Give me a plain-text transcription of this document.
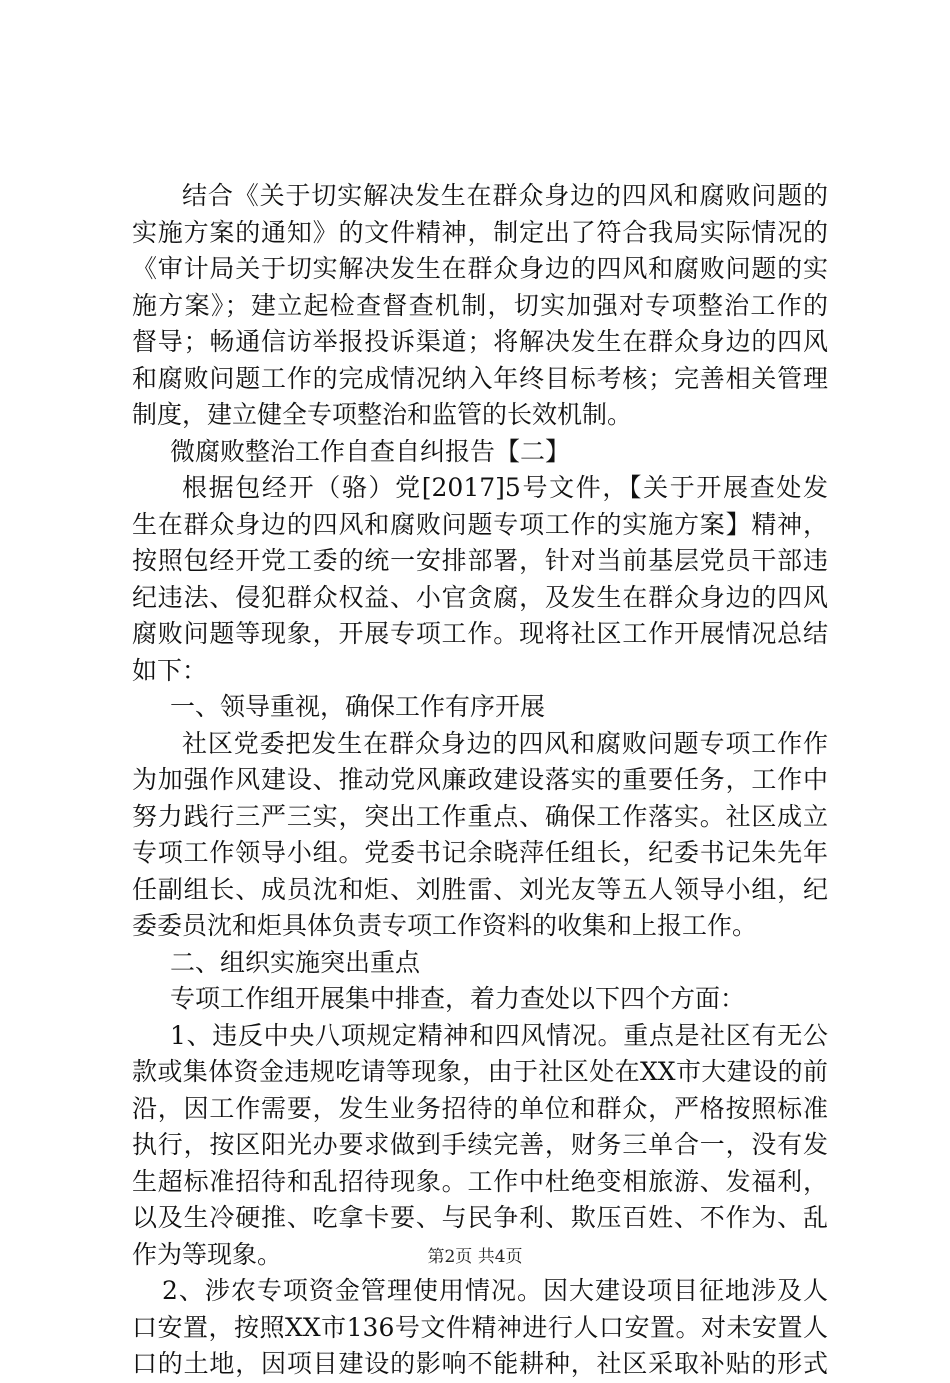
结合《关于切实解决发生在群众身边的四风和腐败问题的
实施方案的通知》的文件精神，制定出了符合我局实际情况的
《审计局关于切实解决发生在群众身边的四风和腐败问题的实
施方案》；建立起检查督查机制，切实加强对专项整治工作的
督导；畅通信访举报投诉渠道；将解决发生在群众身边的四风
和腐败问题工作的完成情况纳入年终目标考核；完善相关管理
制度，建立健全专项整治和监管的长效机制。
微腐败整治工作自查自纠报告【二】
根据包经开（骆）党[2017]5号文件，【关于开展查处发
生在群众身边的四风和腐败问题专项工作的实施方案】精神，
按照包经开党工委的统一安排部署，针对当前基层党员干部违
纪违法、侵犯群众权益、小官贪腐，及发生在群众身边的四风
腐败问题等现象，开展专项工作。现将社区工作开展情况总结
如下：
一、领导重视，确保工作有序开展
社区党委把发生在群众身边的四风和腐败问题专项工作作
为加强作风建设、推动党风廉政建设落实的重要任务，工作中
努力践行三严三实，突出工作重点、确保工作落实。社区成立
专项工作领导小组。党委书记余晓萍任组长，纪委书记朱先年
任副组长、成员沈和炬、刘胜雷、刘光友等五人领导小组，纪
委委员沈和炬具体负责专项工作资料的收集和上报工作。
二、组织实施突出重点
专项工作组开展集中排查，着力查处以下四个方面：
1、违反中央八项规定精神和四风情况。重点是社区有无公
款或集体资金违规吃请等现象，由于社区处在XX市大建设的前
沿，因工作需要，发生业务招待的单位和群众，严格按照标准
执行，按区阳光办要求做到手续完善，财务三单合一，没有发
生超标准招待和乱招待现象。工作中杜绝变相旅游、发福利，
以及生冷硬推、吃拿卡要、与民争利、欺压百姓、不作为、乱
作为等现象。
2、涉农专项资金管理使用情况。因大建设项目征地涉及人
口安置，按照XX市136号文件精神进行人口安置。对未安置人
口的土地，因项目建设的影响不能耕种，社区采取补贴的形式
第2页 共4页
